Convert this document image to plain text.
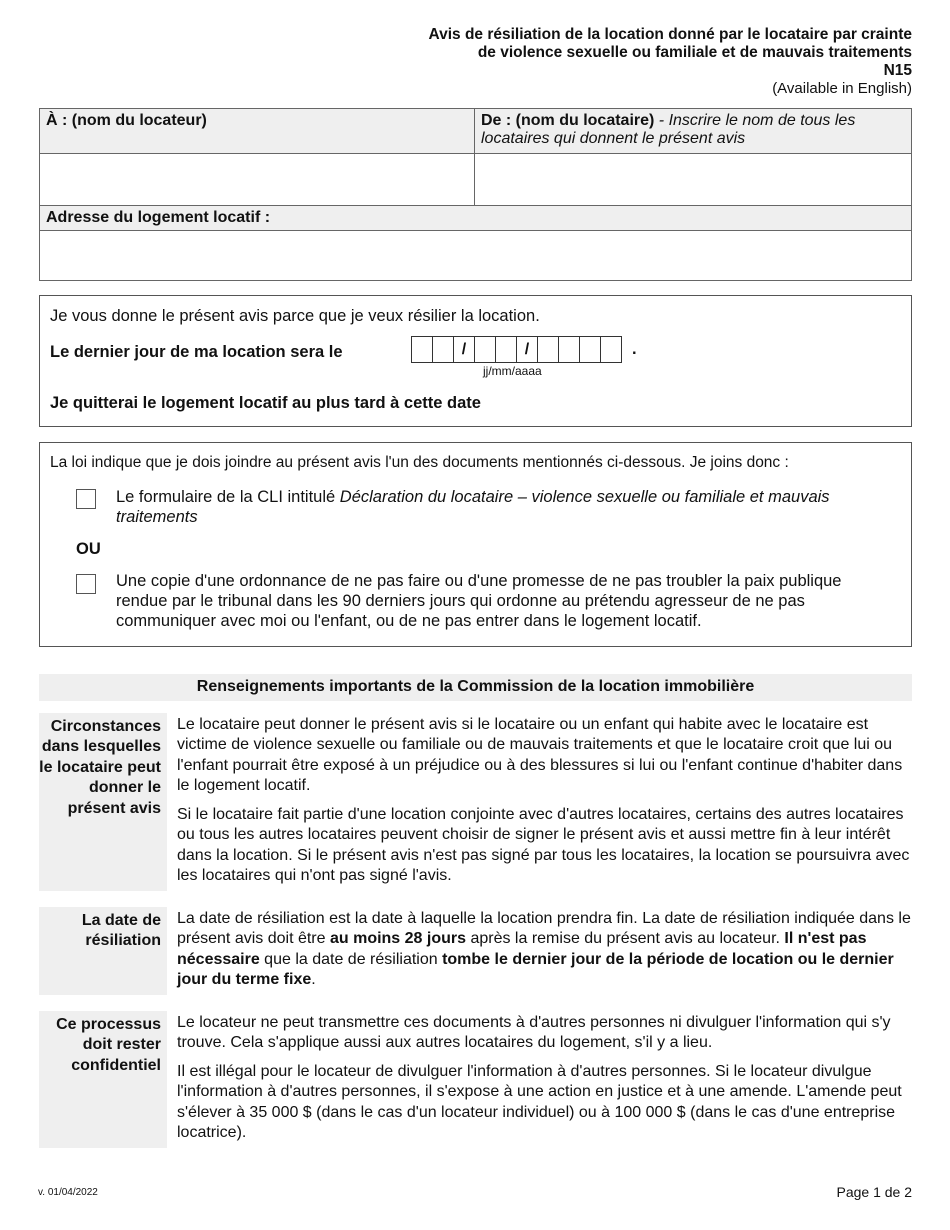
Avis de résiliation de la location donné par le locataire par crainte
de violence sexuelle ou familiale et de mauvais traitements
N15
(Available in English)
À : (nom du locateur)	De : (nom du locataire) - Inscrire le nom de tous les locataires qui donnent le présent avis

Adresse du logement locatif :	

Je vous donne le présent avis parce que je veux résilier la location.

Le dernier jour de ma location sera le	/	/	.

jj/mm/aaaa

Je quitterai le logement locatif au plus tard à cette date

La loi indique que je dois joindre au présent avis l'un des documents mentionnés ci-dessous. Je joins donc :
Le formulaire de la CLI intitulé Déclaration du locataire – violence sexuelle ou familiale et mauvais traitements
OU
Une copie d'une ordonnance de ne pas faire ou d'une promesse de ne pas troubler la paix publique rendue par le tribunal dans les 90 derniers jours qui ordonne au prétendu agresseur de ne pas communiquer avec moi ou l'enfant, ou de ne pas entrer dans le logement locatif.
Renseignements importants de la Commission de la location immobilière
Circonstances dans lesquelles le locataire peut donner le présent avis

Le locataire peut donner le présent avis si le locataire ou un enfant qui habite avec le locataire est victime de violence sexuelle ou familiale ou de mauvais traitements et que le locataire croit que lui ou l'enfant pourrait être exposé à un préjudice ou à des blessures si lui ou l'enfant continue d'habiter dans le logement locatif.

Si le locataire fait partie d'une location conjointe avec d'autres locataires, certains des autres locataires ou tous les autres locataires peuvent choisir de signer le présent avis et aussi mettre fin à leur intérêt dans la location. Si le présent avis n'est pas signé par tous les locataires, la location se poursuivra avec les locataires qui n'ont pas signé l'avis.

La date de résiliation
La date de résiliation est la date à laquelle la location prendra fin. La date de résiliation indiquée dans le présent avis doit être au moins 28 jours après la remise du présent avis au locateur. Il n'est pas nécessaire que la date de résiliation tombe le dernier jour de la période de location ou le dernier jour du terme fixe.
Ce processus doit rester confidentiel

Le locateur ne peut transmettre ces documents à d'autres personnes ni divulguer l'information qui s'y trouve. Cela s'applique aussi aux autres locataires du logement, s'il y a lieu.

Il est illégal pour le locateur de divulguer l'information à d'autres personnes. Si le locateur divulgue l'information à d'autres personnes, il s'expose à une action en justice et à une amende. L'amende peut s'élever à 35 000 $ (dans le cas d'un locateur individuel) ou à 100 000 $ (dans le cas d'une entreprise locatrice).

v. 01/04/2022	Page 1 de 2
